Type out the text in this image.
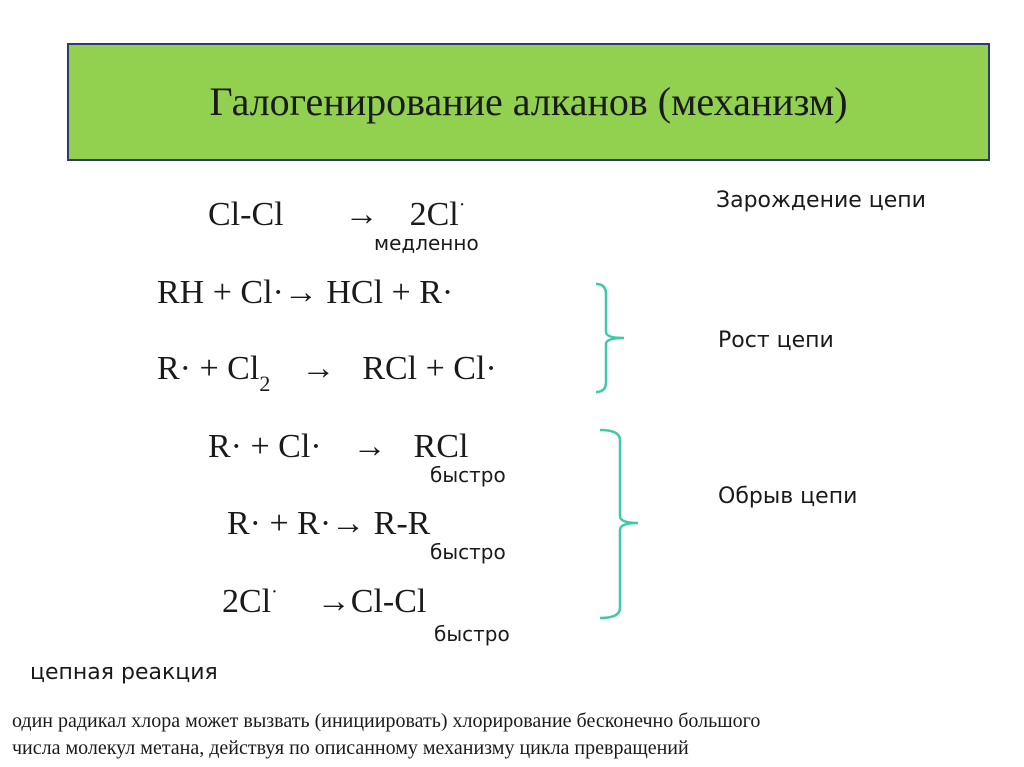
Галогенирование алканов (механизм)
Cl-Cl → 2Cl·
медленно
RH + Cl·→ HCl + R·
$R\cdot + Cl_2$ → RCl + Cl·
R· + Cl· → RCl
быстро
R· + R·→ R-R
быстро
2Cl· →Cl-Cl
быстро
Зарождение цепи
Рост цепи
Обрыв цепи
цепная реакция
один радикал хлора может вызвать (инициировать) хлорирование бесконечно большого
числа молекул метана, действуя по описанному механизму цикла превращений
